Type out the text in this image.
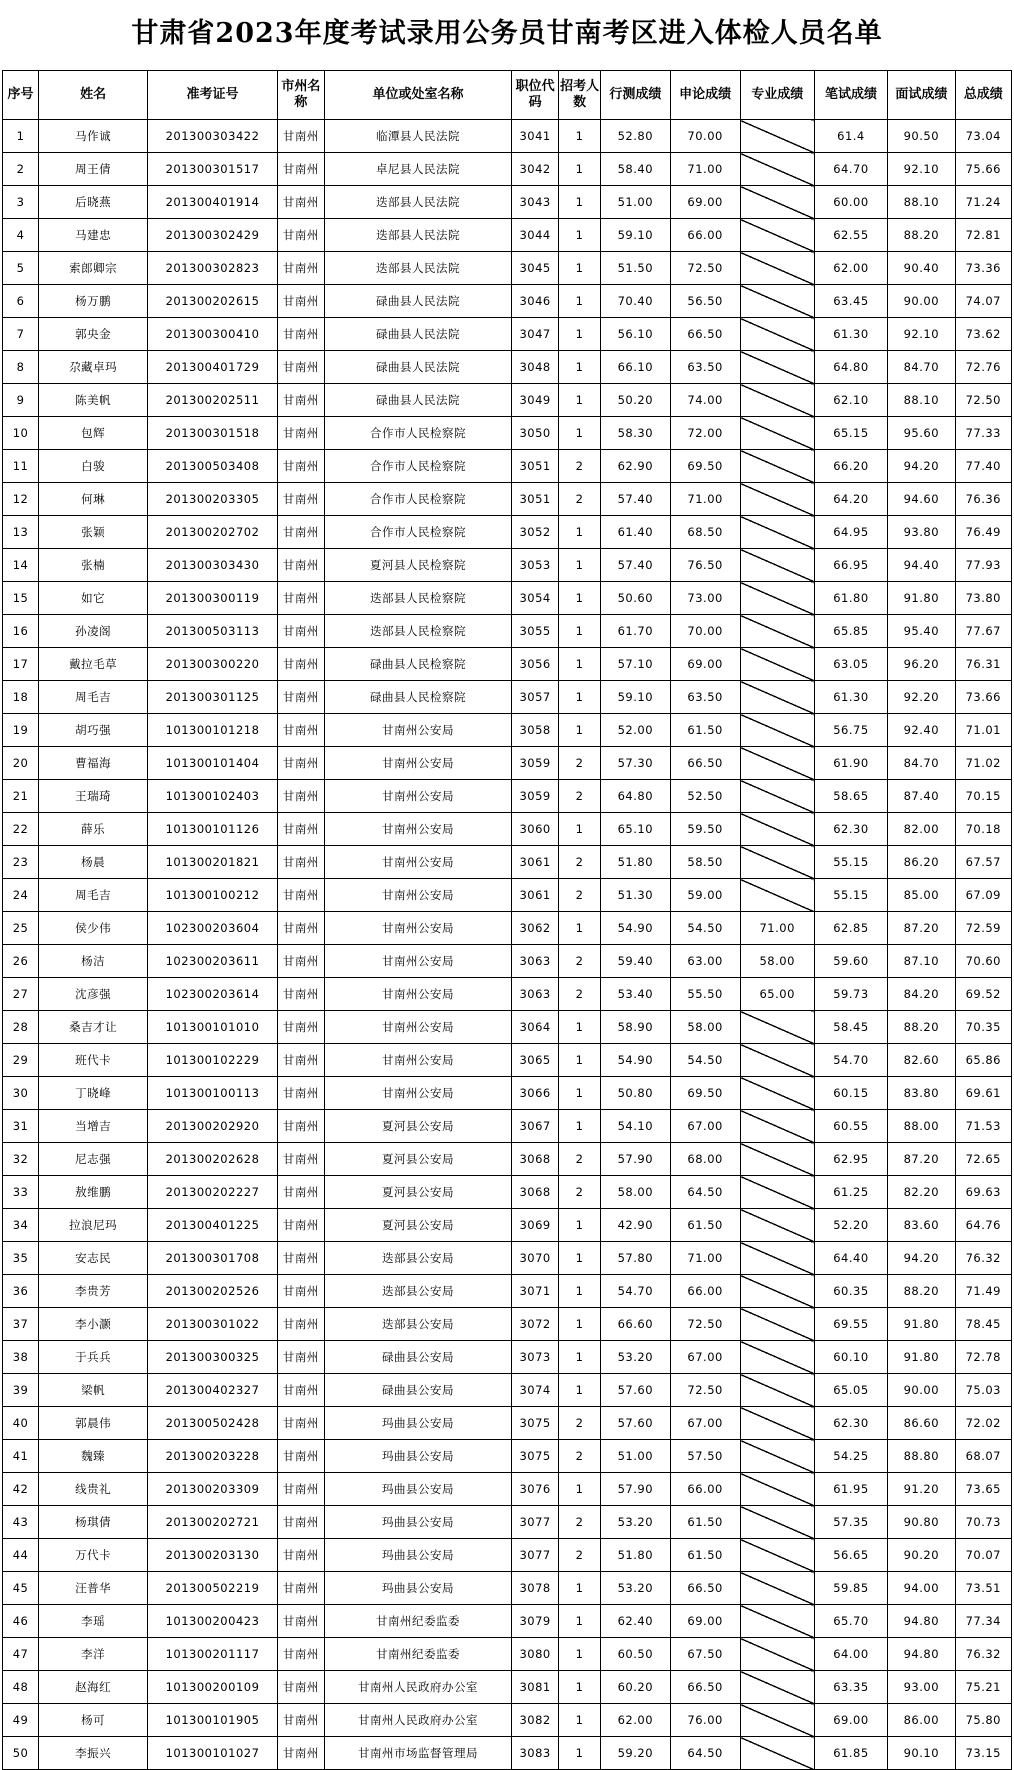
甘肃省2023年度考试录用公务员甘南考区进入体检人员名单
序号	姓名	准考证号	市州名称	单位或处室名称	职位代码	招考人数	行测成绩	申论成绩	专业成绩	笔试成绩	面试成绩	总成绩
1	马作诚	201300303422	甘南州	临潭县人民法院	3041	1	52.80	70.00		61.4	90.50	73.04
2	周王倩	201300301517	甘南州	卓尼县人民法院	3042	1	58.40	71.00		64.70	92.10	75.66
3	后晓燕	201300401914	甘南州	迭部县人民法院	3043	1	51.00	69.00		60.00	88.10	71.24
4	马建忠	201300302429	甘南州	迭部县人民法院	3044	1	59.10	66.00		62.55	88.20	72.81
5	索郎卿宗	201300302823	甘南州	迭部县人民法院	3045	1	51.50	72.50		62.00	90.40	73.36
6	杨万鹏	201300202615	甘南州	碌曲县人民法院	3046	1	70.40	56.50		63.45	90.00	74.07
7	郭央金	201300300410	甘南州	碌曲县人民法院	3047	1	56.10	66.50		61.30	92.10	73.62
8	尕藏卓玛	201300401729	甘南州	碌曲县人民法院	3048	1	66.10	63.50		64.80	84.70	72.76
9	陈美帆	201300202511	甘南州	碌曲县人民法院	3049	1	50.20	74.00		62.10	88.10	72.50
10	包辉	201300301518	甘南州	合作市人民检察院	3050	1	58.30	72.00		65.15	95.60	77.33
11	白骏	201300503408	甘南州	合作市人民检察院	3051	2	62.90	69.50		66.20	94.20	77.40
12	何琳	201300203305	甘南州	合作市人民检察院	3051	2	57.40	71.00		64.20	94.60	76.36
13	张颖	201300202702	甘南州	合作市人民检察院	3052	1	61.40	68.50		64.95	93.80	76.49
14	张楠	201300303430	甘南州	夏河县人民检察院	3053	1	57.40	76.50		66.95	94.40	77.93
15	如它	201300300119	甘南州	迭部县人民检察院	3054	1	50.60	73.00		61.80	91.80	73.80
16	孙凌阁	201300503113	甘南州	迭部县人民检察院	3055	1	61.70	70.00		65.85	95.40	77.67
17	戴拉毛草	201300300220	甘南州	碌曲县人民检察院	3056	1	57.10	69.00		63.05	96.20	76.31
18	周毛吉	201300301125	甘南州	碌曲县人民检察院	3057	1	59.10	63.50		61.30	92.20	73.66
19	胡巧强	101300101218	甘南州	甘南州公安局	3058	1	52.00	61.50		56.75	92.40	71.01
20	曹福海	101300101404	甘南州	甘南州公安局	3059	2	57.30	66.50		61.90	84.70	71.02
21	王瑞琦	101300102403	甘南州	甘南州公安局	3059	2	64.80	52.50		58.65	87.40	70.15
22	薛乐	101300101126	甘南州	甘南州公安局	3060	1	65.10	59.50		62.30	82.00	70.18
23	杨晨	101300201821	甘南州	甘南州公安局	3061	2	51.80	58.50		55.15	86.20	67.57
24	周毛吉	101300100212	甘南州	甘南州公安局	3061	2	51.30	59.00		55.15	85.00	67.09
25	侯少伟	102300203604	甘南州	甘南州公安局	3062	1	54.90	54.50	71.00	62.85	87.20	72.59
26	杨洁	102300203611	甘南州	甘南州公安局	3063	2	59.40	63.00	58.00	59.60	87.10	70.60
27	沈彦强	102300203614	甘南州	甘南州公安局	3063	2	53.40	55.50	65.00	59.73	84.20	69.52
28	桑吉才让	101300101010	甘南州	甘南州公安局	3064	1	58.90	58.00		58.45	88.20	70.35
29	班代卡	101300102229	甘南州	甘南州公安局	3065	1	54.90	54.50		54.70	82.60	65.86
30	丁晓峰	101300100113	甘南州	甘南州公安局	3066	1	50.80	69.50		60.15	83.80	69.61
31	当增吉	201300202920	甘南州	夏河县公安局	3067	1	54.10	67.00		60.55	88.00	71.53
32	尼志强	201300202628	甘南州	夏河县公安局	3068	2	57.90	68.00		62.95	87.20	72.65
33	敖维鹏	201300202227	甘南州	夏河县公安局	3068	2	58.00	64.50		61.25	82.20	69.63
34	拉浪尼玛	201300401225	甘南州	夏河县公安局	3069	1	42.90	61.50		52.20	83.60	64.76
35	安志民	201300301708	甘南州	迭部县公安局	3070	1	57.80	71.00		64.40	94.20	76.32
36	李贵芳	201300202526	甘南州	迭部县公安局	3071	1	54.70	66.00		60.35	88.20	71.49
37	李小灏	201300301022	甘南州	迭部县公安局	3072	1	66.60	72.50		69.55	91.80	78.45
38	于兵兵	201300300325	甘南州	碌曲县公安局	3073	1	53.20	67.00		60.10	91.80	72.78
39	梁帆	201300402327	甘南州	碌曲县公安局	3074	1	57.60	72.50		65.05	90.00	75.03
40	郭晨伟	201300502428	甘南州	玛曲县公安局	3075	2	57.60	67.00		62.30	86.60	72.02
41	魏臻	201300203228	甘南州	玛曲县公安局	3075	2	51.00	57.50		54.25	88.80	68.07
42	线贵礼	201300203309	甘南州	玛曲县公安局	3076	1	57.90	66.00		61.95	91.20	73.65
43	杨琪倩	201300202721	甘南州	玛曲县公安局	3077	2	53.20	61.50		57.35	90.80	70.73
44	万代卡	201300203130	甘南州	玛曲县公安局	3077	2	51.80	61.50		56.65	90.20	70.07
45	汪普华	201300502219	甘南州	玛曲县公安局	3078	1	53.20	66.50		59.85	94.00	73.51
46	李瑶	101300200423	甘南州	甘南州纪委监委	3079	1	62.40	69.00		65.70	94.80	77.34
47	李洋	101300201117	甘南州	甘南州纪委监委	3080	1	60.50	67.50		64.00	94.80	76.32
48	赵海红	101300200109	甘南州	甘南州人民政府办公室	3081	1	60.20	66.50		63.35	93.00	75.21
49	杨可	101300101905	甘南州	甘南州人民政府办公室	3082	1	62.00	76.00		69.00	86.00	75.80
50	李振兴	101300101027	甘南州	甘南州市场监督管理局	3083	1	59.20	64.50		61.85	90.10	73.15
